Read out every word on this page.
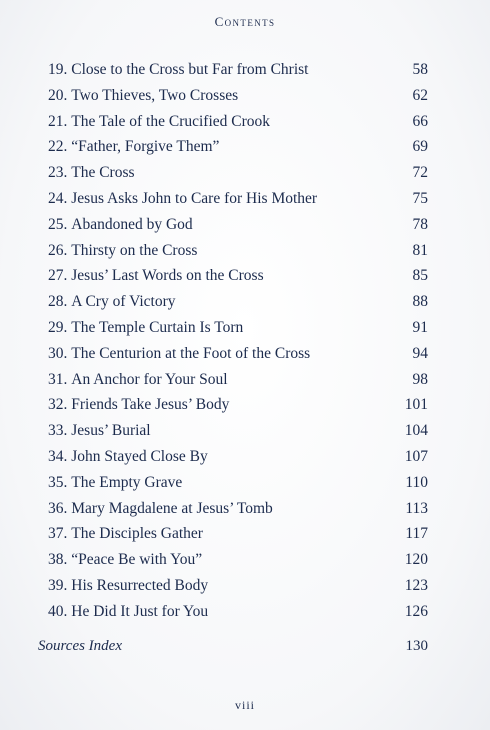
Contents
19. Close to the Cross but Far from Christ	58
20. Two Thieves, Two Crosses	62
21. The Tale of the Crucified Crook	66
22. “Father, Forgive Them”	69
23. The Cross	72
24. Jesus Asks John to Care for His Mother	75
25. Abandoned by God	78
26. Thirsty on the Cross	81
27. Jesus’ Last Words on the Cross	85
28. A Cry of Victory	88
29. The Temple Curtain Is Torn	91
30. The Centurion at the Foot of the Cross	94
31. An Anchor for Your Soul	98
32. Friends Take Jesus’ Body	101
33. Jesus’ Burial	104
34. John Stayed Close By	107
35. The Empty Grave	110
36. Mary Magdalene at Jesus’ Tomb	113
37. The Disciples Gather	117
38. “Peace Be with You”	120
39. His Resurrected Body	123
40. He Did It Just for You	126
Sources Index	130
viii
